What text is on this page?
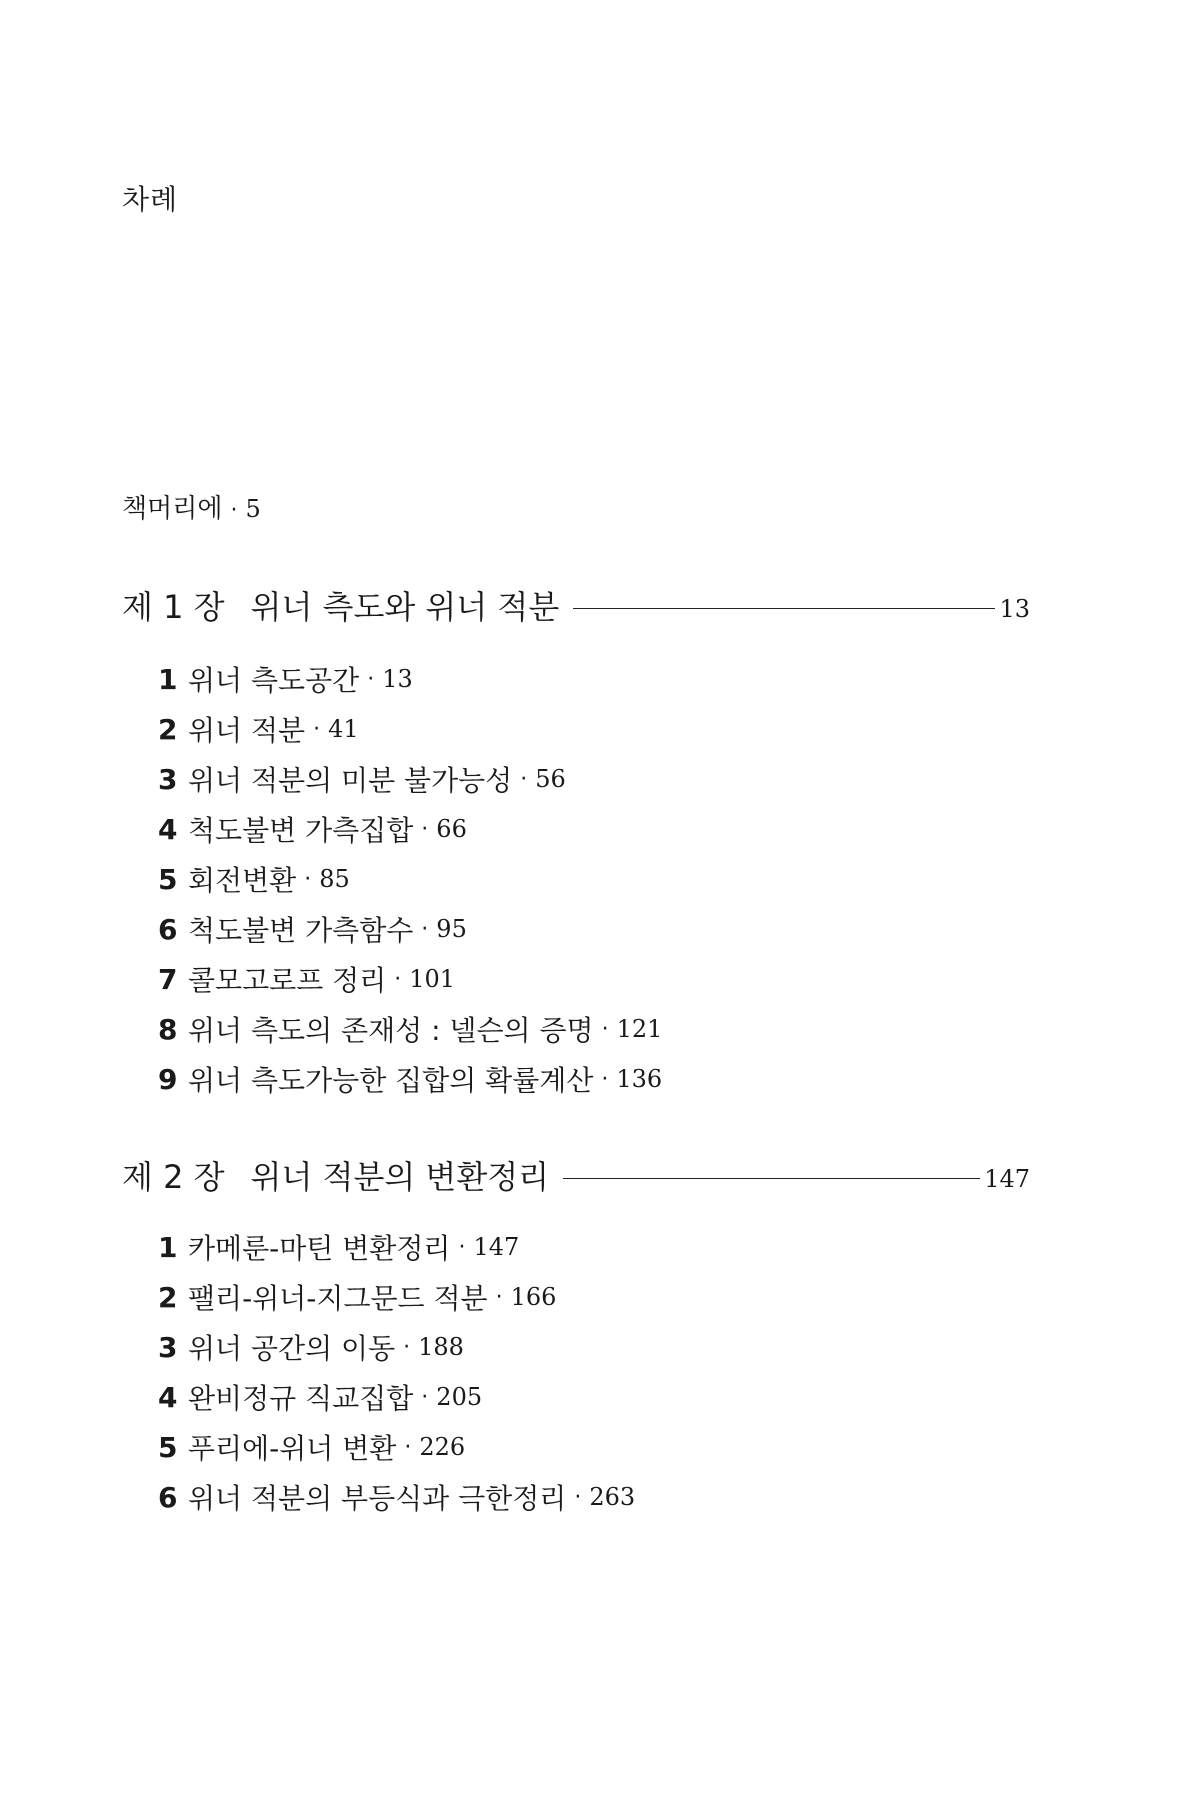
차례
책머리에 · 5
제 1 장 위너 측도와 위너 적분	13
1 위너 측도공간 · 13
2 위너 적분 · 41
3 위너 적분의 미분 불가능성 · 56
4 척도불변 가측집합 · 66
5 회전변환 · 85
6 척도불변 가측함수 · 95
7 콜모고로프 정리 · 101
8 위너 측도의 존재성 : 넬슨의 증명 · 121
9 위너 측도가능한 집합의 확률계산 · 136
제 2 장 위너 적분의 변환정리	147
1 카메룬-마틴 변환정리 · 147
2 팰리-위너-지그문드 적분 · 166
3 위너 공간의 이동 · 188
4 완비정규 직교집합 · 205
5 푸리에-위너 변환 · 226
6 위너 적분의 부등식과 극한정리 · 263
